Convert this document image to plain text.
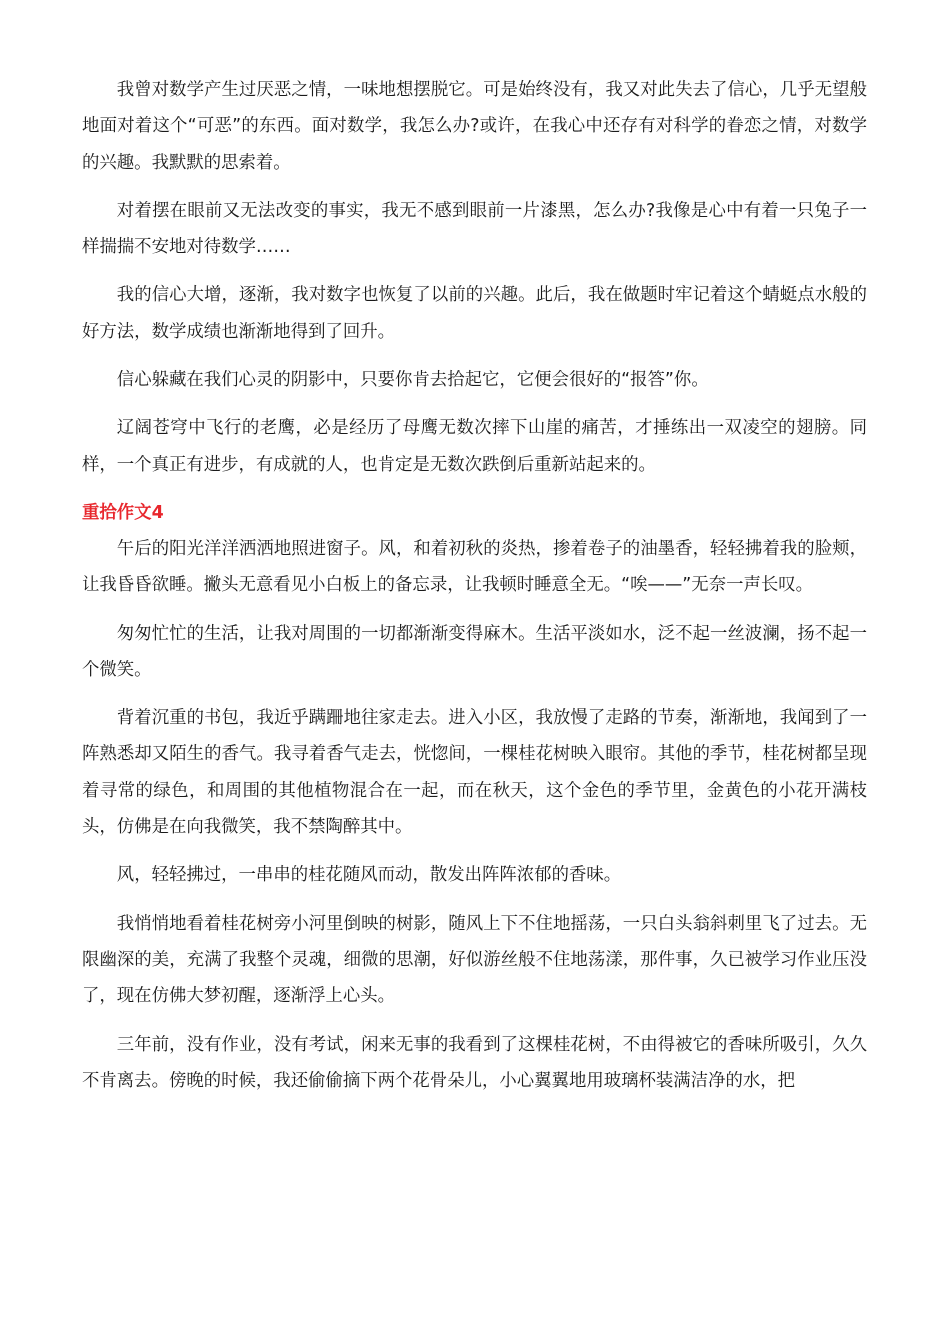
我曾对数学产生过厌恶之情，一味地想摆脱它。可是始终没有，我又对此失去了信心，几乎无望般地面对着这个“可恶”的东西。面对数学，我怎么办?或许，在我心中还存有对科学的眷恋之情，对数学的兴趣。我默默的思索着。

对着摆在眼前又无法改变的事实，我无不感到眼前一片漆黑，怎么办?我像是心中有着一只兔子一样揣揣不安地对待数学……

我的信心大增，逐渐，我对数字也恢复了以前的兴趣。此后，我在做题时牢记着这个蜻蜓点水般的好方法，数学成绩也渐渐地得到了回升。

信心躲藏在我们心灵的阴影中，只要你肯去拾起它，它便会很好的“报答”你。

辽阔苍穹中飞行的老鹰，必是经历了母鹰无数次摔下山崖的痛苦，才捶练出一双凌空的翅膀。同样，一个真正有进步，有成就的人，也肯定是无数次跌倒后重新站起来的。

重拾作文4

午后的阳光洋洋洒洒地照进窗子。风，和着初秋的炎热，掺着卷子的油墨香，轻轻拂着我的脸颊，让我昏昏欲睡。撇头无意看见小白板上的备忘录，让我顿时睡意全无。“唉——”无奈一声长叹。

匆匆忙忙的生活，让我对周围的一切都渐渐变得麻木。生活平淡如水，泛不起一丝波澜，扬不起一个微笑。

背着沉重的书包，我近乎蹒跚地往家走去。进入小区，我放慢了走路的节奏，渐渐地，我闻到了一阵熟悉却又陌生的香气。我寻着香气走去，恍惚间，一棵桂花树映入眼帘。其他的季节，桂花树都呈现着寻常的绿色，和周围的其他植物混合在一起，而在秋天，这个金色的季节里，金黄色的小花开满枝头，仿佛是在向我微笑，我不禁陶醉其中。

风，轻轻拂过，一串串的桂花随风而动，散发出阵阵浓郁的香味。

我悄悄地看着桂花树旁小河里倒映的树影，随风上下不住地摇荡，一只白头翁斜刺里飞了过去。无限幽深的美，充满了我整个灵魂，细微的思潮，好似游丝般不住地荡漾，那件事，久已被学习作业压没了，现在仿佛大梦初醒，逐渐浮上心头。

三年前，没有作业，没有考试，闲来无事的我看到了这棵桂花树，不由得被它的香味所吸引，久久不肯离去。傍晚的时候，我还偷偷摘下两个花骨朵儿，小心翼翼地用玻璃杯装满洁净的水，把
